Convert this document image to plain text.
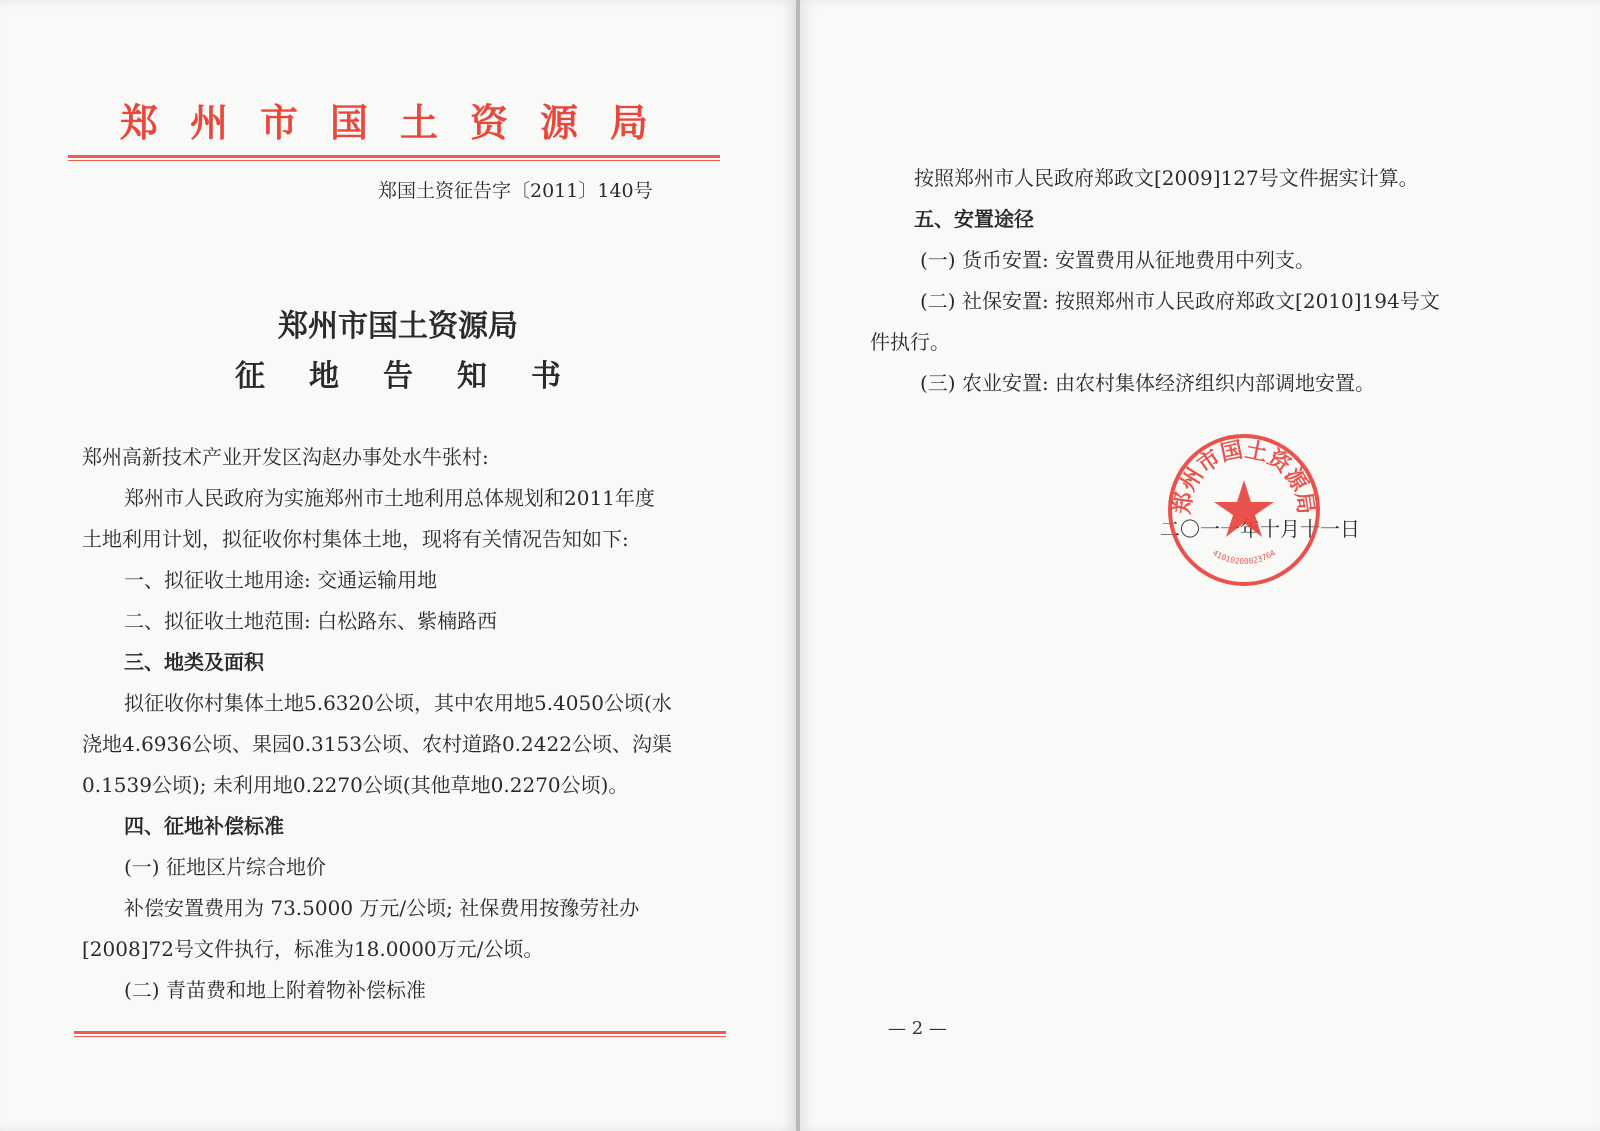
郑州市国土资源局
郑国土资征告字〔2011〕140号
郑州市国土资源局
征地告知书
郑州高新技术产业开发区沟赵办事处水牛张村:
郑州市人民政府为实施郑州市土地利用总体规划和2011年度
土地利用计划，拟征收你村集体土地，现将有关情况告知如下:
一、拟征收土地用途: 交通运输用地
二、拟征收土地范围: 白松路东、紫楠路西
三、地类及面积
拟征收你村集体土地5.6320公顷，其中农用地5.4050公顷(水
浇地4.6936公顷、果园0.3153公顷、农村道路0.2422公顷、沟渠
0.1539公顷); 未利用地0.2270公顷(其他草地0.2270公顷)。
四、征地补偿标准
(一) 征地区片综合地价
补偿安置费用为 73.5000 万元/公顷; 社保费用按豫劳社办
[2008]72号文件执行，标准为18.0000万元/公顷。
(二) 青苗费和地上附着物补偿标准
按照郑州市人民政府郑政文[2009]127号文件据实计算。
五、安置途径
(一) 货币安置: 安置费用从征地费用中列支。
(二) 社保安置: 按照郑州市人民政府郑政文[2010]194号文
件执行。
(三) 农业安置: 由农村集体经济组织内部调地安置。
二〇一一年十月十一日
— 2 —
郑州市国土资源局
41010200023764
